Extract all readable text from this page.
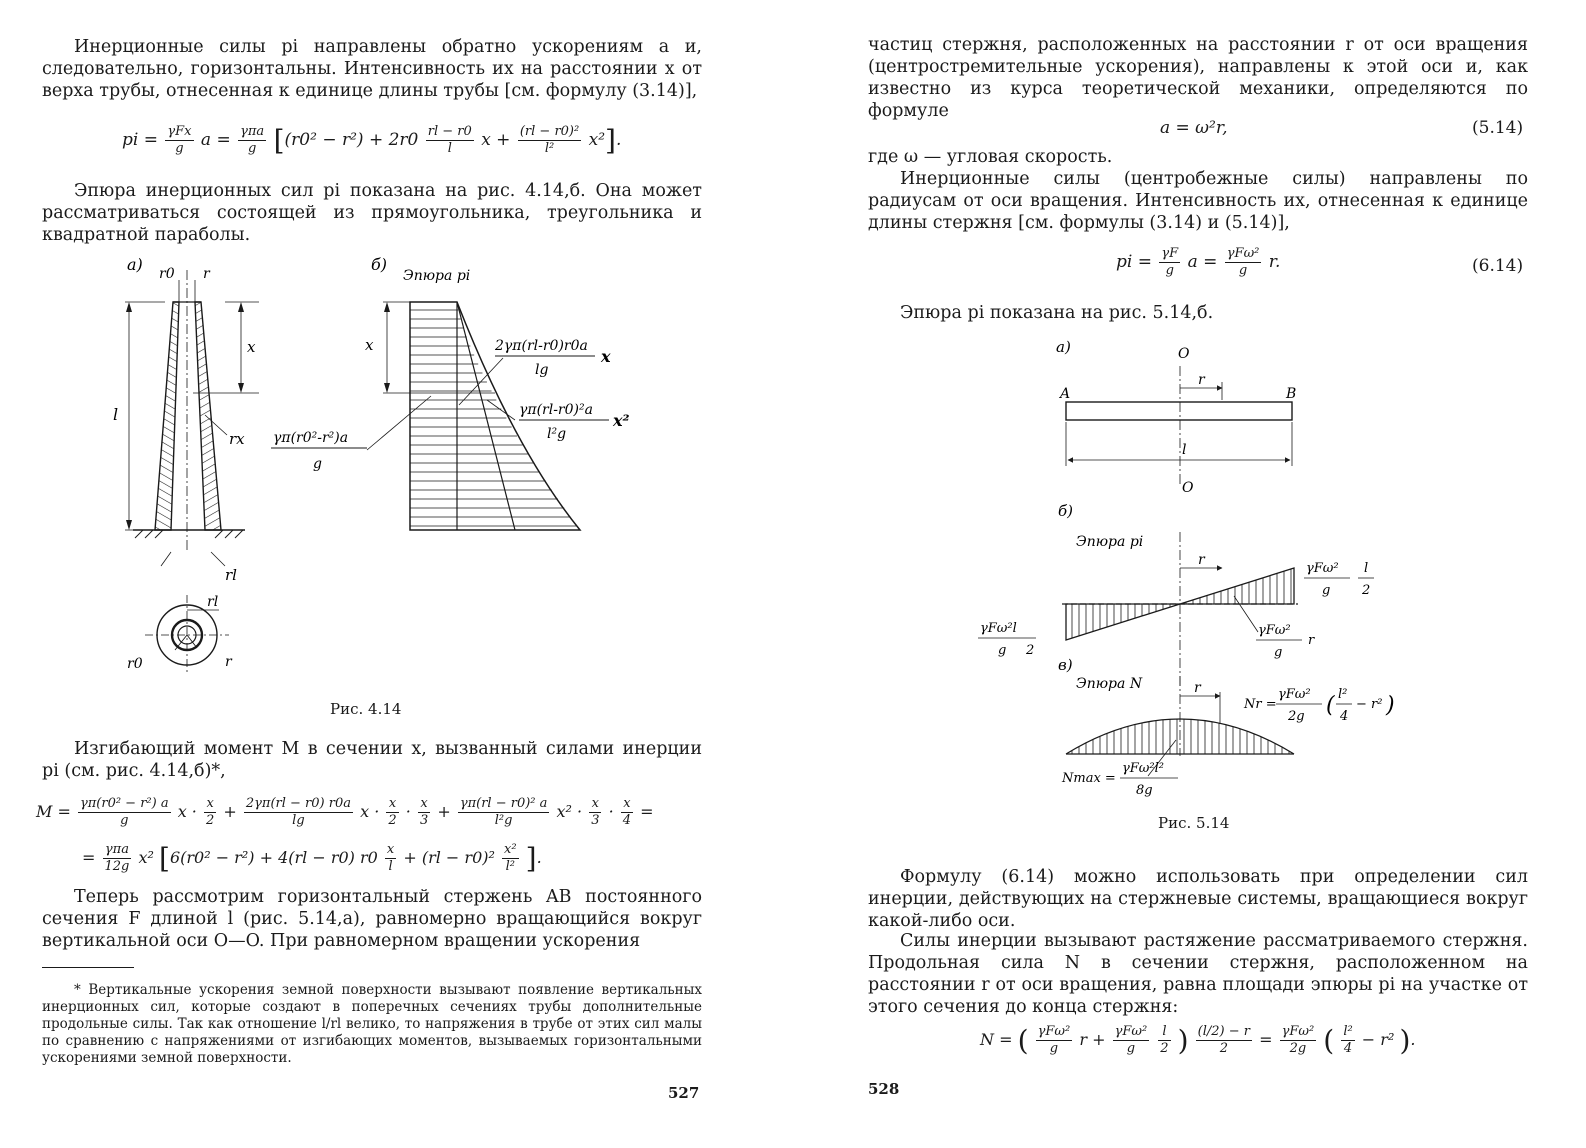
Инерционные силы pi направлены обратно ускорениям a и, следовательно, горизонтальны. Интенсивность их на расстоянии x от верха трубы, отнесенная к единице длины трубы [см. формулу (3.14)],

pi = $\frac{\text{γFx}}{g}$ $a = \frac{\text{γπa}}{g} [(r0^2 - r^2) + 2r0 \frac{rl - r0}{l}$ $x + \frac{\text{(rl − r0)²}}{\text{l²}} x^2$].

Эпюра инерционных сил pi показана на рис. 4.14,б. Она может рассматриваться состоящей из прямоугольника, треугольника и квадратной параболы.

а) r0 r
x
l
rx
rl
rl
r0	r
б)
Эпюра pi
x	2γπ(rl-r0)r0a
lg
x
γπ(rl-r0)²a
l²g
x²
γπ(r0²-r²)a
g
Рис. 4.14

Изгибающий момент M в сечении x, вызванный силами инерции pi (см. рис. 4.14,б)*,

$M = \frac{\text{γπ(r0² − r²) a}}{g}$ $x \cdot \frac{x}{2} + \frac{2\gamma\pi(rl - r0) r0a}{\lg}$ $x \cdot \frac{x}{2} \cdot \frac{x}{3} + \frac{\text{γπ(rl − r0)² a}}{\text{l²g}} x^2 \cdot \frac{x}{3} \cdot \frac{x}{4}$ =
= $\frac{\text{γπa}}{12g} x^2$ [6(r0² − r²) + 4(rl − r0) $r0 \frac{x}{l} + (rl - r0)^2 \frac{\text{x²}}{\text{l²}}$ ].

Теперь рассмотрим горизонтальный стержень AB постоянного сечения F длиной l (рис. 5.14,а), равномерно вращающийся вокруг вертикальной оси O—O. При равномерном вращении ускорения

* Вертикальные ускорения земной поверхности вызывают появление вертикальных инерционных сил, которые создают в поперечных сечениях трубы дополнительные продольные силы. Так как отношение l/rl велико, то напряжения в трубе от этих сил малы по сравнению с напряжениями от изгибающих моментов, вызываемых горизонтальными ускорениями земной поверхности.

527

частиц стержня, расположенных на расстоянии r от оси вращения (центростремительные ускорения), направлены к этой оси и, как известно из курса теоретической механики, определяются по формуле

a = ω²r,	(5.14)

где ω — угловая скорость.

Инерционные силы (центробежные силы) направлены по радиусам от оси вращения. Интенсивность их, отнесенная к единице длины стержня [см. формулы (3.14) и (5.14)],

pi = $\frac{\gamma F}{g}$ $a = \frac{\text{γFω²}}{g} r$.	(6.14)

Эпюра pi показана на рис. 5.14,б.

а)	O
O
A	B
r
l
б)
Эпюра pi
r
γFω²
g
l
2
γFω²l
g 2
γFω²
g
r
в)
Эпюра N	r
Nr =
γFω²
2g ( l²
4
− r² )
Nmax =
γFω²l²
8g
Рис. 5.14

Формулу (6.14) можно использовать при определении сил инерции, действующих на стержневые системы, вращающиеся вокруг какой-либо оси.

Силы инерции вызывают растяжение рассматриваемого стержня. Продольная сила N в сечении стержня, расположенном на расстоянии r от оси вращения, равна площади эпюры pi на участке от этого сечения до конца стержня:

N = ( $\frac{\text{γFω²}}{g}$ $r + \frac{\text{γFω²}}{g}$
$\frac{l}{2}$ ) $\frac{(l/2) - r}{2} = \frac{\text{γFω²}}{2g}$ ( $\frac{\text{l²}}{4} - r^2$ ).
528
